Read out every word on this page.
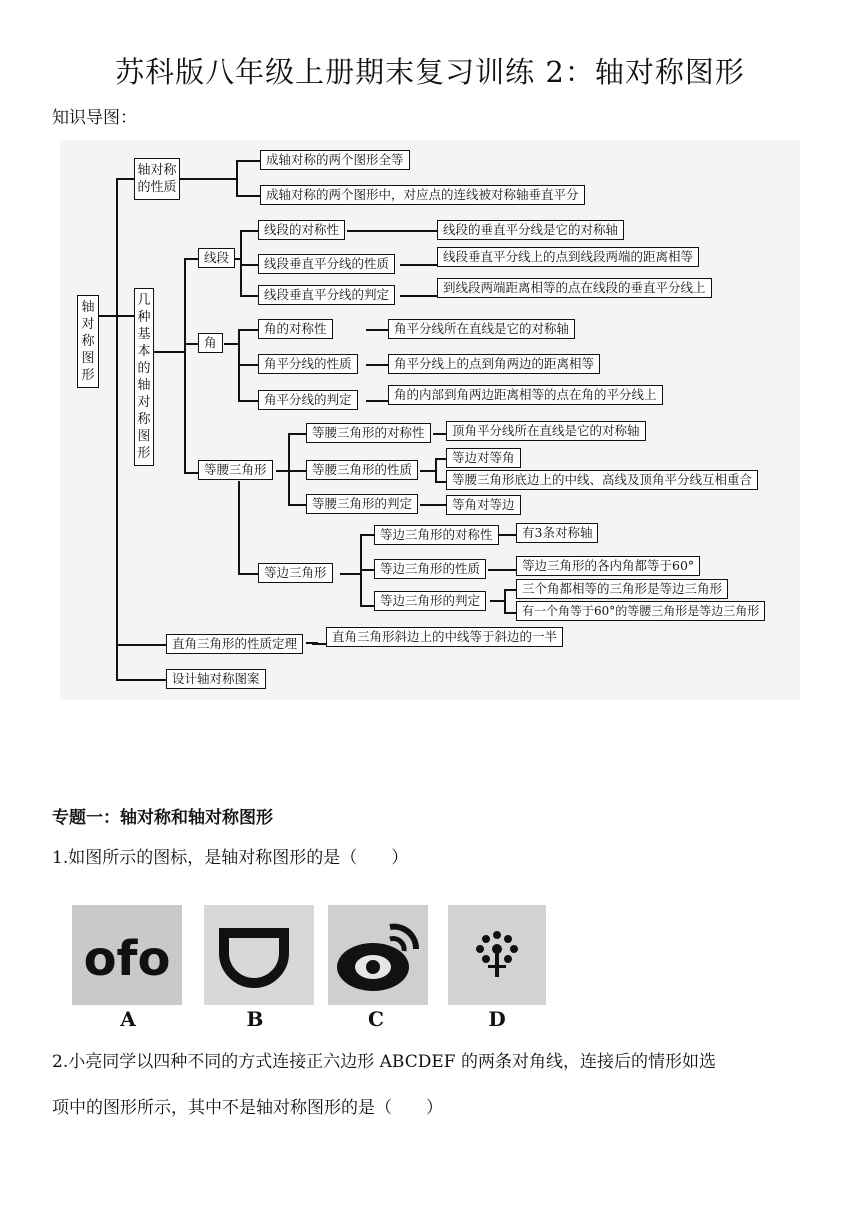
苏科版八年级上册期末复习训练 2：轴对称图形
知识导图：
轴对称图形
轴对称的性质
成轴对称的两个图形全等
成轴对称的两个图形中，对应点的连线被对称轴垂直平分
几种基本的轴对称图形
线段
线段的对称性
线段垂直平分线的性质
线段垂直平分线的判定
线段的垂直平分线是它的对称轴
线段垂直平分线上的点到线段两端的距离相等
到线段两端距离相等的点在线段的垂直平分线上
角
角的对称性
角平分线的性质
角平分线的判定
角平分线所在直线是它的对称轴
角平分线上的点到角两边的距离相等
角的内部到角两边距离相等的点在角的平分线上
等腰三角形
等腰三角形的对称性
等腰三角形的性质
等腰三角形的判定
顶角平分线所在直线是它的对称轴
等边对等角
等腰三角形底边上的中线、高线及顶角平分线互相重合
等角对等边
等边三角形
等边三角形的对称性
等边三角形的性质
等边三角形的判定
有3条对称轴
等边三角形的各内角都等于60°
三个角都相等的三角形是等边三角形
有一个角等于60°的等腰三角形是等边三角形
直角三角形的性质定理	直角三角形斜边上的中线等于斜边的一半
设计轴对称图案
专题一：轴对称和轴对称图形
1.如图所示的图标，是轴对称图形的是（　　）
ofo
A	B	C	D
2.小亮同学以四种不同的方式连接正六边形 ABCDEF 的两条对角线，连接后的情形如选
项中的图形所示，其中不是轴对称图形的是（　　）
